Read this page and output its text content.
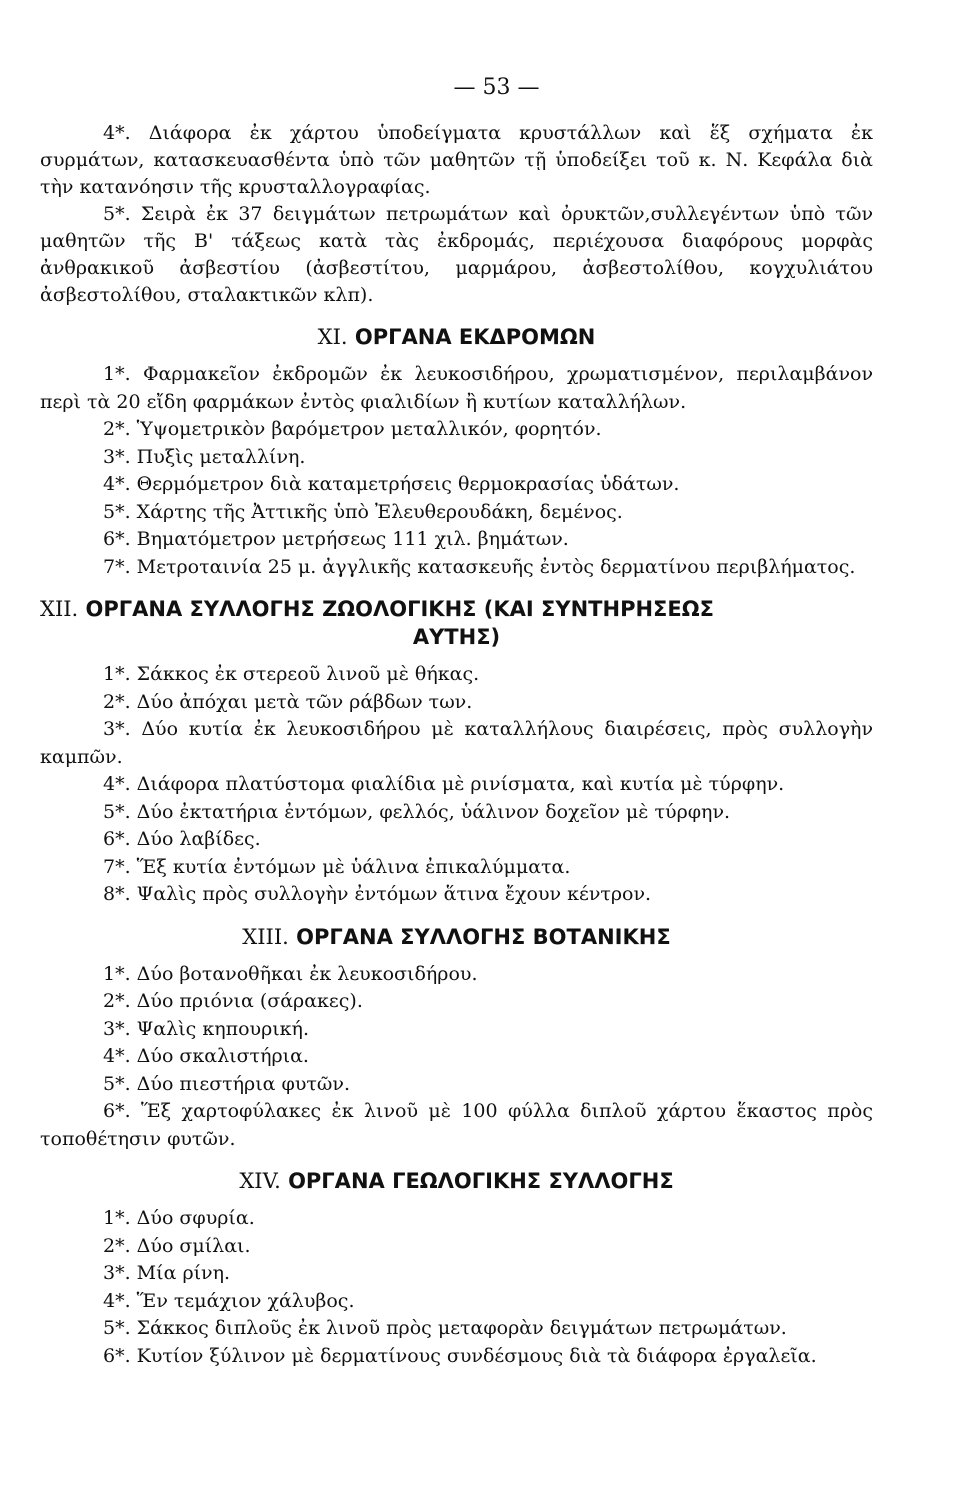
— 53 —

4*. Διάφορα ἐκ χάρτου ὑποδείγματα κρυστάλλων καὶ ἕξ σχήματα ἐκ συρμάτων, κατασκευασθέντα ὑπὸ τῶν μαθητῶν τῇ ὑποδείξει τοῦ κ. Ν. Κεφάλα διὰ τὴν κατανόησιν τῆς κρυσταλλογραφίας.

5*. Σειρὰ ἐκ 37 δειγμάτων πετρωμάτων καὶ ὀρυκτῶν,συλλεγέντων ὑπὸ τῶν μαθητῶν τῆς Β' τάξεως κατὰ τὰς ἐκδρομάς, περιέχουσα διαφόρους μορφὰς ἀνθρακικοῦ ἀσβεστίου (ἀσβεστίτου, μαρμάρου, ἀσβεστολίθου, κογχυλιάτου ἀσβεστολίθου, σταλακτικῶν κλπ).

XI. ΟΡΓΑΝΑ ΕΚΔΡΟΜΩΝ

1*. Φαρμακεῖον ἐκδρομῶν ἐκ λευκοσιδήρου, χρωματισμένον, περιλαμβάνον περὶ τὰ 20 εἴδη φαρμάκων ἐντὸς φιαλιδίων ἢ κυτίων καταλλήλων.

2*. Ὑψομετρικὸν βαρόμετρον μεταλλικόν, φορητόν.

3*. Πυξὶς μεταλλίνη.

4*. Θερμόμετρον διὰ καταμετρήσεις θερμοκρασίας ὑδάτων.

5*. Χάρτης τῆς Ἀττικῆς ὑπὸ Ἐλευθερουδάκη, δεμένος.

6*. Βηματόμετρον μετρήσεως 111 χιλ. βημάτων.

7*. Μετροταινία 25 μ. ἀγγλικῆς κατασκευῆς ἐντὸς δερματίνου περιβλήματος.

XII. ΟΡΓΑΝΑ ΣΥΛΛΟΓΗΣ ΖΩΟΛΟΓΙΚΗΣ (ΚΑΙ ΣΥΝΤΗΡΗΣΕΩΣ
ΑΥΤΗΣ)

1*. Σάκκος ἐκ στερεοῦ λινοῦ μὲ θήκας.

2*. Δύο ἀπόχαι μετὰ τῶν ράβδων των.

3*. Δύο κυτία ἐκ λευκοσιδήρου μὲ καταλλήλους διαιρέσεις, πρὸς συλλογὴν καμπῶν.

4*. Διάφορα πλατύστομα φιαλίδια μὲ ρινίσματα, καὶ κυτία μὲ τύρφην.

5*. Δύο ἐκτατήρια ἐντόμων, φελλός, ὑάλινον δοχεῖον μὲ τύρφην.

6*. Δύο λαβίδες.

7*. Ἕξ κυτία ἐντόμων μὲ ὑάλινα ἐπικαλύμματα.

8*. Ψαλὶς πρὸς συλλογὴν ἐντόμων ἅτινα ἔχουν κέντρον.

XIII. ΟΡΓΑΝΑ ΣΥΛΛΟΓΗΣ ΒΟΤΑΝΙΚΗΣ

1*. Δύο βοτανοθῆκαι ἐκ λευκοσιδήρου.

2*. Δύο πριόνια (σάρακες).

3*. Ψαλὶς κηπουρική.

4*. Δύο σκαλιστήρια.

5*. Δύο πιεστήρια φυτῶν.

6*. Ἕξ χαρτοφύλακες ἐκ λινοῦ μὲ 100 φύλλα διπλοῦ χάρτου ἕκαστος πρὸς τοποθέτησιν φυτῶν.

XIV. ΟΡΓΑΝΑ ΓΕΩΛΟΓΙΚΗΣ ΣΥΛΛΟΓΗΣ

1*. Δύο σφυρία.

2*. Δύο σμίλαι.

3*. Μία ρίνη.

4*. Ἕν τεμάχιον χάλυβος.

5*. Σάκκος διπλοῦς ἐκ λινοῦ πρὸς μεταφορὰν δειγμάτων πετρωμάτων.

6*. Κυτίον ξύλινον μὲ δερματίνους συνδέσμους διὰ τὰ διάφορα ἐργαλεῖα.
